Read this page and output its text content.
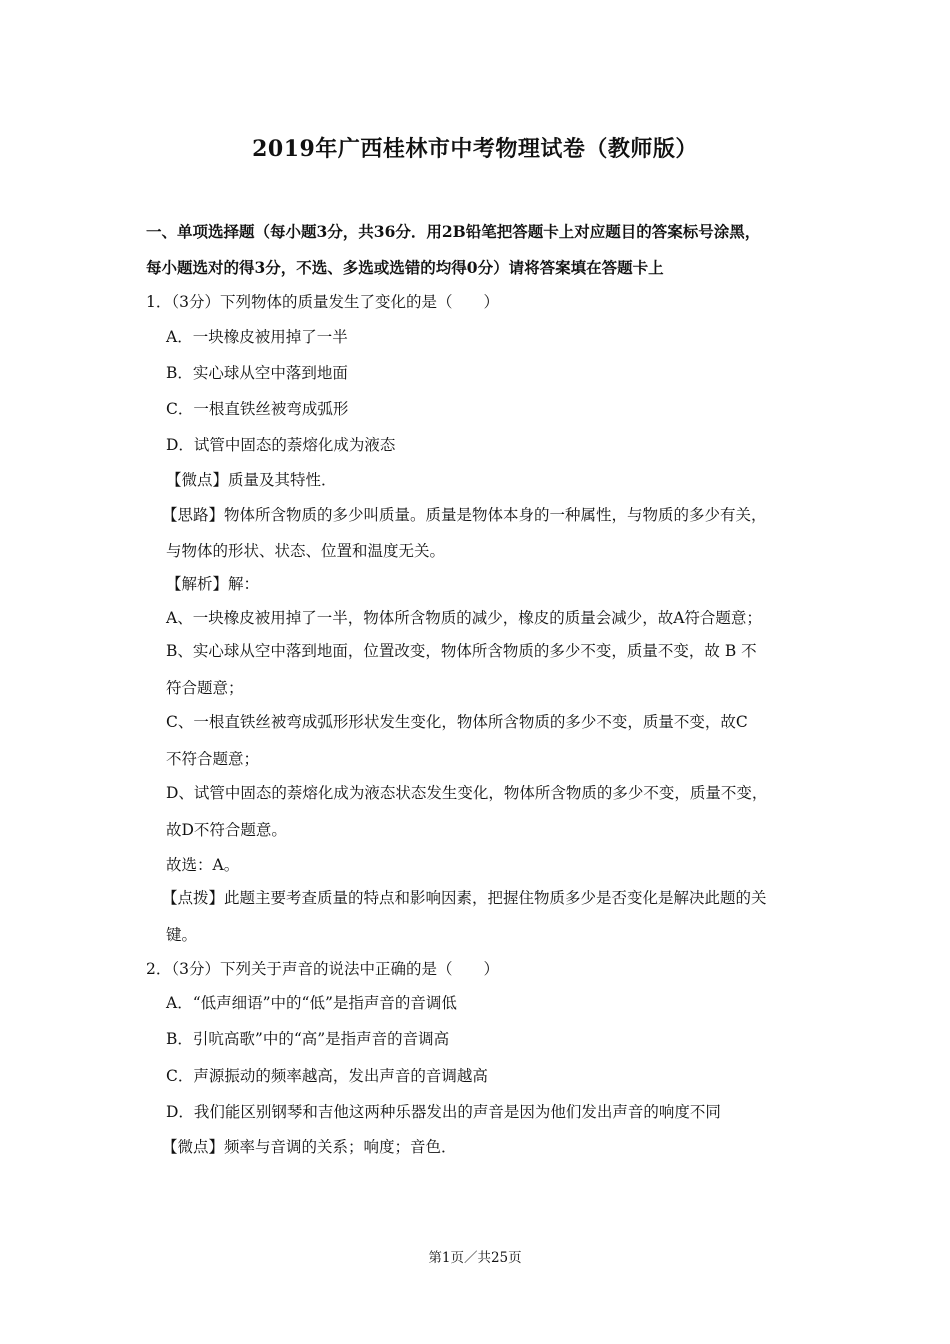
2019年广西桂林市中考物理试卷（教师版）
一、单项选择题（每小题3分，共36分．用2B铅笔把答题卡上对应题目的答案标号涂黑，
每小题选对的得3分，不选、多选或选错的均得0分）请将答案填在答题卡上
1．（3分）下列物体的质量发生了变化的是（　　）
A．一块橡皮被用掉了一半
B．实心球从空中落到地面
C．一根直铁丝被弯成弧形
D．试管中固态的萘熔化成为液态
【微点】质量及其特性．
【思路】物体所含物质的多少叫质量。质量是物体本身的一种属性，与物质的多少有关，
与物体的形状、状态、位置和温度无关。
【解析】解：
A、一块橡皮被用掉了一半，物体所含物质的减少，橡皮的质量会减少，故A符合题意；
B、实心球从空中落到地面，位置改变，物体所含物质的多少不变，质量不变，故 B 不
符合题意；
C、一根直铁丝被弯成弧形形状发生变化，物体所含物质的多少不变，质量不变，故C
不符合题意；
D、试管中固态的萘熔化成为液态状态发生变化，物体所含物质的多少不变，质量不变，
故D不符合题意。
故选：A。
【点拨】此题主要考查质量的特点和影响因素，把握住物质多少是否变化是解决此题的关
键。
2．（3分）下列关于声音的说法中正确的是（　　）
A．“低声细语”中的“低”是指声音的音调低
B．引吭高歌”中的“高”是指声音的音调高
C．声源振动的频率越高，发出声音的音调越高
D．我们能区别钢琴和吉他这两种乐器发出的声音是因为他们发出声音的响度不同
【微点】频率与音调的关系；响度；音色．
第1页／共25页
